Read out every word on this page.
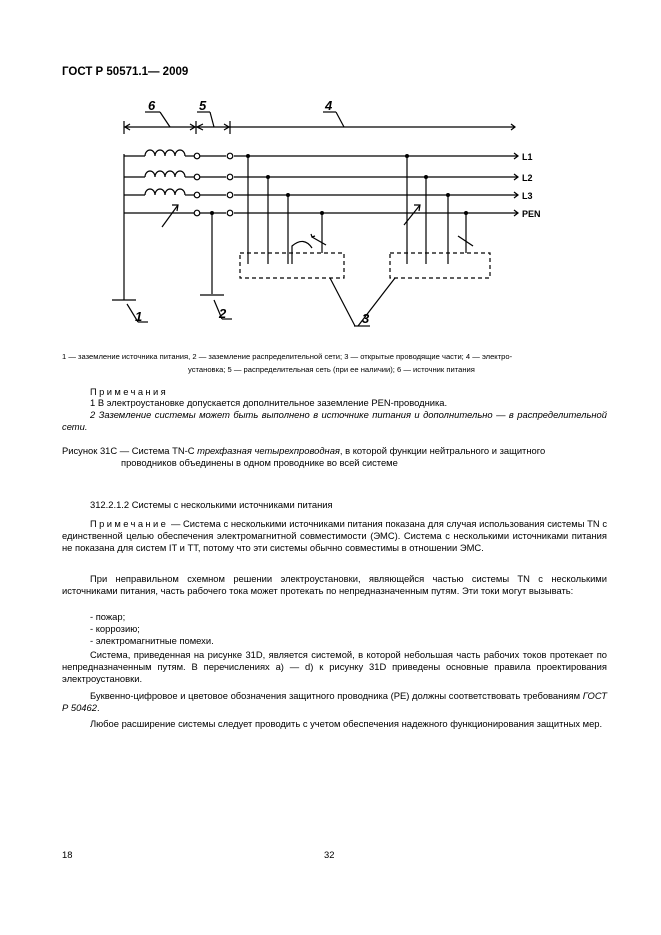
ГОСТ Р 50571.1— 2009
6	5	4
3
1	2
L1
L2
L3
PEN
1 — заземление источника питания, 2 — заземление распределительной сети; 3 — открытые проводящие части; 4 — электро-
установка; 5 — распределительная сеть (при ее наличии); 6 — источник питания
Примечания
1 В электроустановке допускается дополнительное заземление PEN-проводника.
2 Заземление системы может быть выполнено в источнике питания и дополнительно — в распределительной сети.
Рисунок 31С — Система TN-C трехфазная четырехпроводная, в которой функции нейтрального и защитного
проводников объединены в одном проводнике во всей системе
312.2.1.2 Системы с несколькими источниками питания

Примечание — Система с несколькими источниками питания показана для случая использования системы TN с единственной целью обеспечения электромагнитной совместимости (ЭМС). Система с несколькими источниками питания не показана для систем IT и TT, потому что эти системы обычно совместимы в отношении ЭМС.

При неправильном схемном решении электроустановки, являющейся частью системы TN с несколькими источниками питания, часть рабочего тока может протекать по непредназначенным путям. Эти токи могут вызывать:

- пожар;
- коррозию;
- электромагнитные помехи.

Система, приведенная на рисунке 31D, является системой, в которой небольшая часть рабочих токов протекает по непредназначенным путям. В перечислениях a) — d) к рисунку 31D приведены основные правила проектирования электроустановки.

Буквенно-цифровое и цветовое обозначения защитного проводника (PE) должны соответствовать требованиям ГОСТ Р 50462.

Любое расширение системы следует проводить с учетом обеспечения надежного функционирования защитных мер.

18	32
